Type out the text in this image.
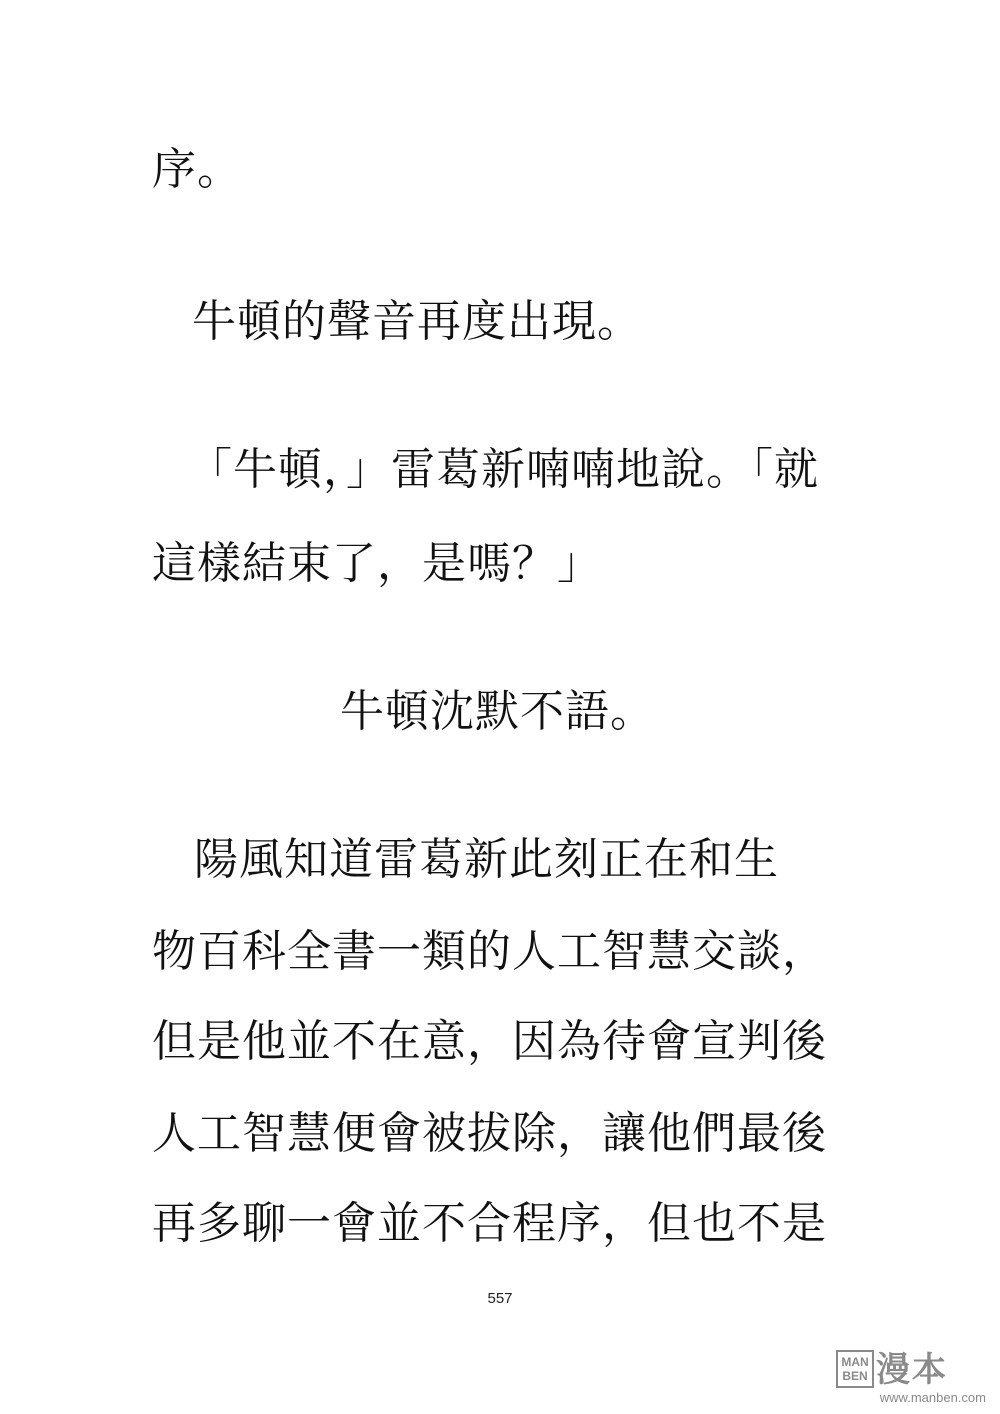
序。
牛頓的聲音再度出現。
「牛頓，」雷葛新喃喃地說。「就
這樣結束了，是嗎？」
牛頓沈默不語。
陽風知道雷葛新此刻正在和生
物百科全書一類的人工智慧交談，
但是他並不在意，因為待會宣判後
人工智慧便會被拔除，讓他們最後
再多聊一會並不合程序，但也不是
557
MAN
BEN 漫本
www.manben.com
